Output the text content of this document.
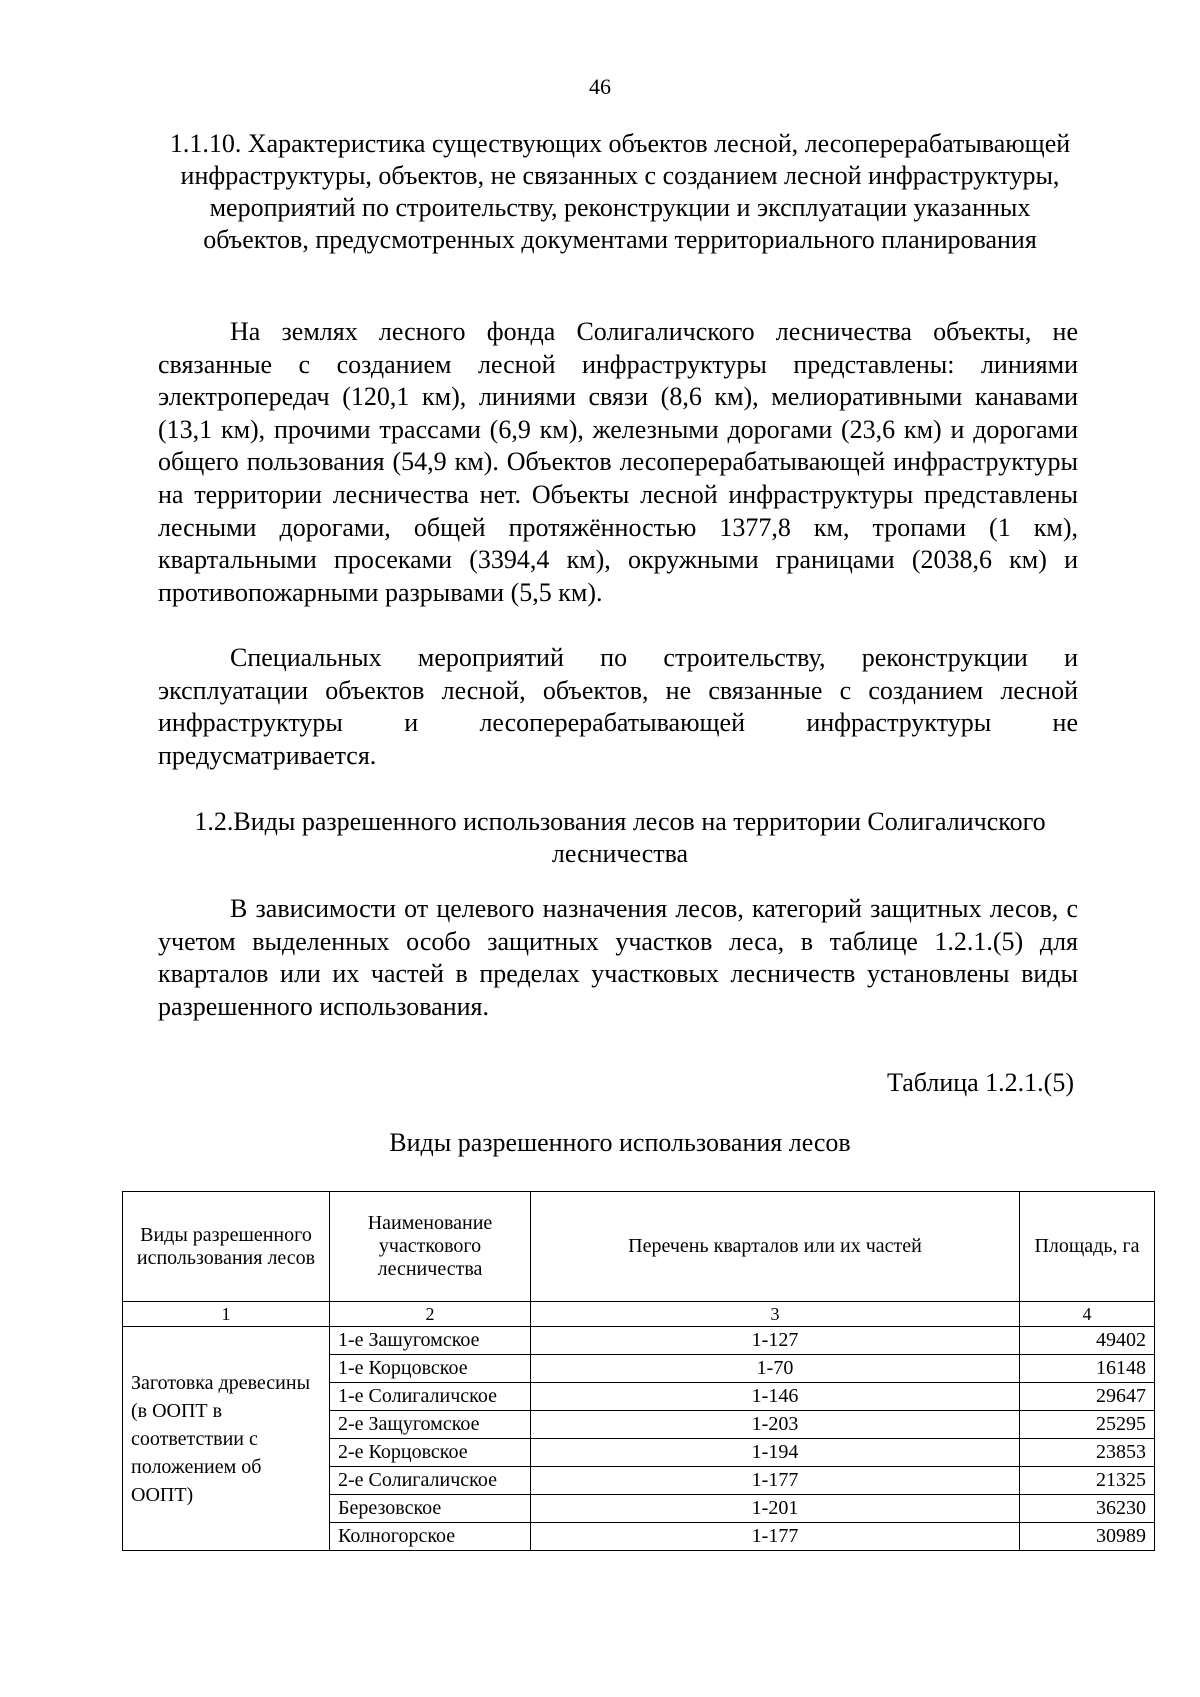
46
1.1.10. Характеристика существующих объектов лесной, лесоперерабатывающей инфраструктуры, объектов, не связанных с созданием лесной инфраструктуры, мероприятий по строительству, реконструкции и эксплуатации указанных объектов, предусмотренных документами территориального планирования

На землях лесного фонда Солигаличского лесничества объекты, не связанные с созданием лесной инфраструктуры представлены: линиями электропередач (120,1 км), линиями связи (8,6 км), мелиоративными канавами (13,1 км), прочими трассами (6,9 км), железными дорогами (23,6 км) и дорогами общего пользования (54,9 км). Объектов лесоперерабатывающей инфраструктуры на территории лесничества нет. Объекты лесной инфраструктуры представлены лесными дорогами, общей протяжённостью 1377,8 км, тропами (1 км), квартальными просеками (3394,4 км), окружными границами (2038,6 км) и противопожарными разрывами (5,5 км).

Специальных мероприятий по строительству, реконструкции и эксплуатации объектов лесной, объектов, не связанные с созданием лесной инфраструктуры и лесоперерабатывающей инфраструктуры не предусматривается.

1.2.Виды разрешенного использования лесов на территории Солигаличского лесничества

В зависимости от целевого назначения лесов, категорий защитных лесов, с учетом выделенных особо защитных участков леса, в таблице 1.2.1.(5) для кварталов или их частей в пределах участковых лесничеств установлены виды разрешенного использования.

Таблица 1.2.1.(5)
Виды разрешенного использования лесов
Виды разрешенного использования лесов	Наименование участкового лесничества	Перечень кварталов или их частей	Площадь, га
1	2	3	4
Заготовка древесины (в ООПТ в соответствии с положением об ООПТ)	1-е Зашугомское	1-127	49402
	1-е Корцовское	1-70	16148
	1-е Солигаличское	1-146	29647
	2-е Защугомское	1-203	25295
	2-е Корцовское	1-194	23853
	2-е Солигаличское	1-177	21325
	Березовское	1-201	36230
	Колногорское	1-177	30989
